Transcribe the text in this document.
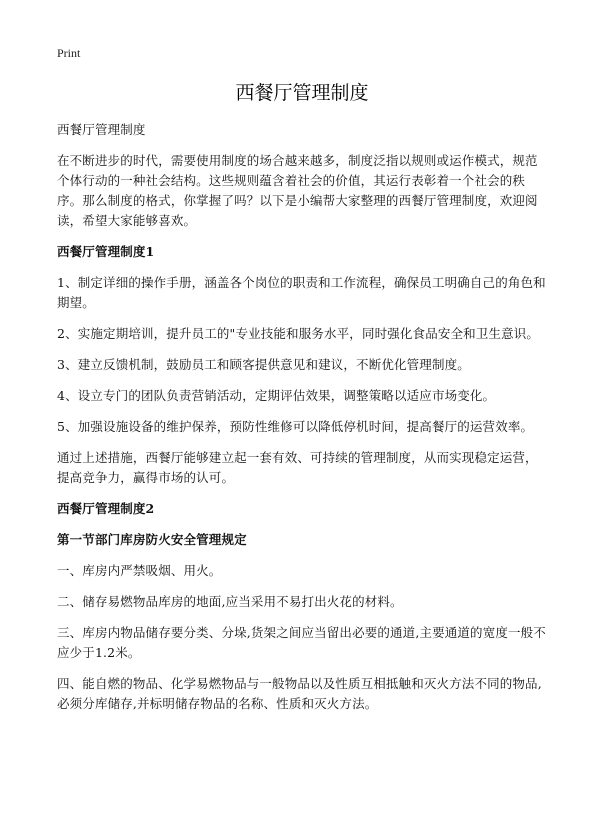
Print
西餐厅管理制度

西餐厅管理制度

在不断进步的时代，需要使用制度的场合越来越多，制度泛指以规则或运作模式，规范个体行动的一种社会结构。这些规则蕴含着社会的价值，其运行表彰着一个社会的秩序。那么制度的格式，你掌握了吗？以下是小编帮大家整理的西餐厅管理制度，欢迎阅读，希望大家能够喜欢。

西餐厅管理制度1

1、制定详细的操作手册，涵盖各个岗位的职责和工作流程，确保员工明确自己的角色和期望。

2、实施定期培训，提升员工的"专业技能和服务水平，同时强化食品安全和卫生意识。

3、建立反馈机制，鼓励员工和顾客提供意见和建议，不断优化管理制度。

4、设立专门的团队负责营销活动，定期评估效果，调整策略以适应市场变化。

5、加强设施设备的维护保养，预防性维修可以降低停机时间，提高餐厅的运营效率。

通过上述措施，西餐厅能够建立起一套有效、可持续的管理制度，从而实现稳定运营，提高竞争力，赢得市场的认可。

西餐厅管理制度2

第一节部门库房防火安全管理规定

一、库房内严禁吸烟、用火。

二、储存易燃物品库房的地面,应当采用不易打出火花的材料。

三、库房内物品储存要分类、分垛,货架之间应当留出必要的通道,主要通道的宽度一般不应少于1.2米。

四、能自燃的物品、化学易燃物品与一般物品以及性质互相抵触和灭火方法不同的物品,必须分库储存,并标明储存物品的名称、性质和灭火方法。
